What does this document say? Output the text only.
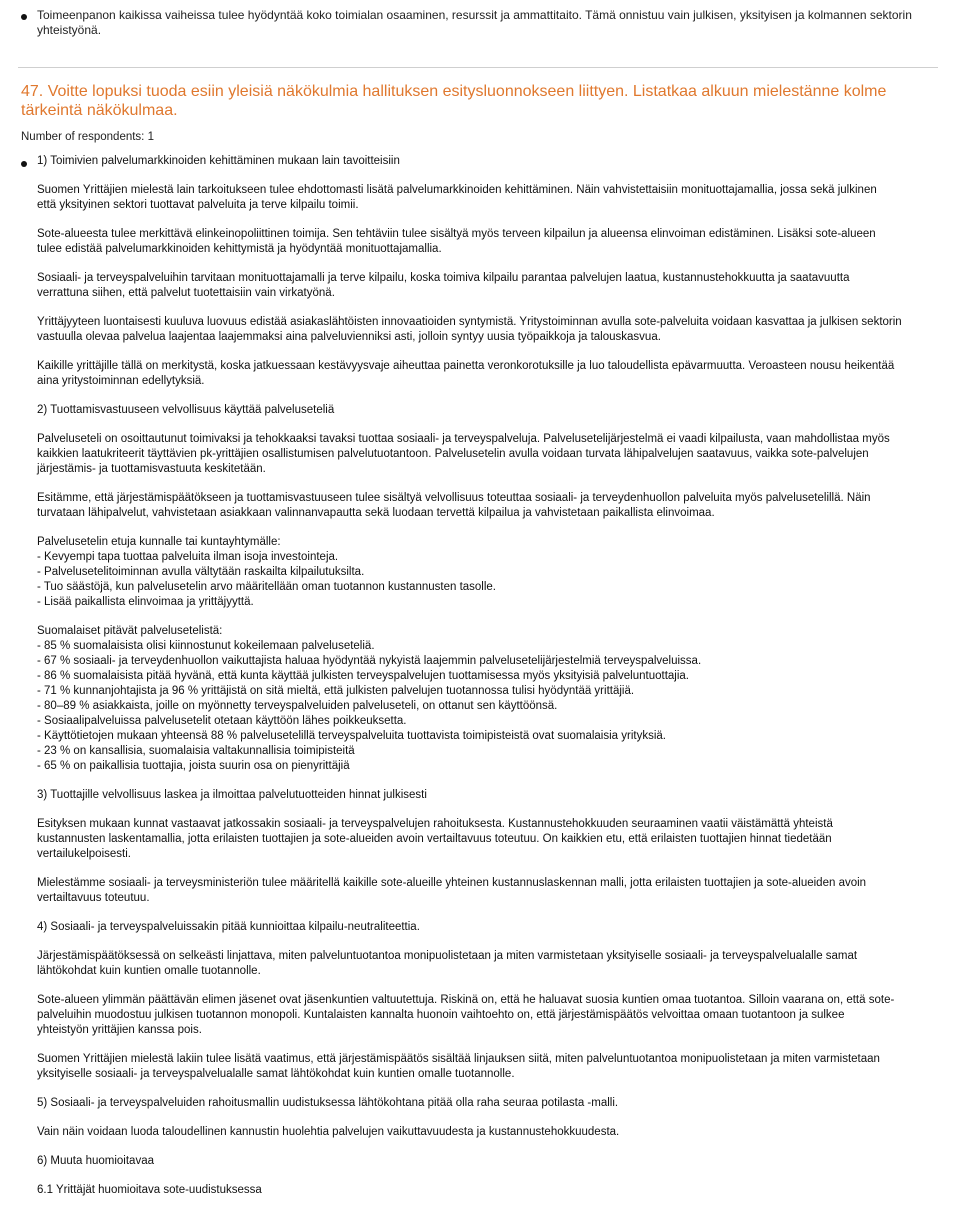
Toimeenpanon kaikissa vaiheissa tulee hyödyntää koko toimialan osaaminen, resurssit ja ammattitaito. Tämä onnistuu vain julkisen, yksityisen ja kolmannen sektorin yhteistyönä.
47. Voitte lopuksi tuoda esiin yleisiä näkökulmia hallituksen esitysluonnokseen liittyen. Listatkaa alkuun mielestänne kolme tärkeintä näkökulmaa.
Number of respondents: 1

1) Toimivien palvelumarkkinoiden kehittäminen mukaan lain tavoitteisiin

Suomen Yrittäjien mielestä lain tarkoitukseen tulee ehdottomasti lisätä palvelumarkkinoiden kehittäminen. Näin vahvistettaisiin monituottajamallia, jossa sekä julkinen
että yksityinen sektori tuottavat palveluita ja terve kilpailu toimii.

Sote-alueesta tulee merkittävä elinkeinopoliittinen toimija. Sen tehtäviin tulee sisältyä myös terveen kilpailun ja alueensa elinvoiman edistäminen. Lisäksi sote-alueen
tulee edistää palvelumarkkinoiden kehittymistä ja hyödyntää monituottajamallia.

Sosiaali- ja terveyspalveluihin tarvitaan monituottajamalli ja terve kilpailu, koska toimiva kilpailu parantaa palvelujen laatua, kustannustehokkuutta ja saatavuutta
verrattuna siihen, että palvelut tuotettaisiin vain virkatyönä.

Yrittäjyyteen luontaisesti kuuluva luovuus edistää asiakaslähtöisten innovaatioiden syntymistä. Yritystoiminnan avulla sote-palveluita voidaan kasvattaa ja julkisen sektorin
vastuulla olevaa palvelua laajentaa laajemmaksi aina palveluvienniksi asti, jolloin syntyy uusia työpaikkoja ja talouskasvua.

Kaikille yrittäjille tällä on merkitystä, koska jatkuessaan kestävyysvaje aiheuttaa painetta veronkorotuksille ja luo taloudellista epävarmuutta. Veroasteen nousu heikentää
aina yritystoiminnan edellytyksiä.

2) Tuottamisvastuuseen velvollisuus käyttää palveluseteliä

Palveluseteli on osoittautunut toimivaksi ja tehokkaaksi tavaksi tuottaa sosiaali- ja terveyspalveluja. Palvelusetelijärjestelmä ei vaadi kilpailusta, vaan mahdollistaa myös
kaikkien laatukriteerit täyttävien pk-yrittäjien osallistumisen palvelutuotantoon. Palvelusetelin avulla voidaan turvata lähipalvelujen saatavuus, vaikka sote-palvelujen
järjestämis- ja tuottamisvastuuta keskitetään.

Esitämme, että järjestämispäätökseen ja tuottamisvastuuseen tulee sisältyä velvollisuus toteuttaa sosiaali- ja terveydenhuollon palveluita myös palvelusetelillä. Näin
turvataan lähipalvelut, vahvistetaan asiakkaan valinnanvapautta sekä luodaan tervettä kilpailua ja vahvistetaan paikallista elinvoimaa.

Palvelusetelin etuja kunnalle tai kuntayhtymälle:
- Kevyempi tapa tuottaa palveluita ilman isoja investointeja.
- Palvelusetelitoiminnan avulla vältytään raskailta kilpailutuksilta.
- Tuo säästöjä, kun palvelusetelin arvo määritellään oman tuotannon kustannusten tasolle.
- Lisää paikallista elinvoimaa ja yrittäjyyttä.

Suomalaiset pitävät palvelusetelistä:
- 85 % suomalaisista olisi kiinnostunut kokeilemaan palveluseteliä.
- 67 % sosiaali- ja terveydenhuollon vaikuttajista haluaa hyödyntää nykyistä laajemmin palvelusetelijärjestelmiä terveyspalveluissa.
- 86 % suomalaisista pitää hyvänä, että kunta käyttää julkisten terveyspalvelujen tuottamisessa myös yksityisiä palveluntuottajia.
- 71 % kunnanjohtajista ja 96 % yrittäjistä on sitä mieltä, että julkisten palvelujen tuotannossa tulisi hyödyntää yrittäjiä.
- 80–89 % asiakkaista, joille on myönnetty terveyspalveluiden palveluseteli, on ottanut sen käyttöönsä.
- Sosiaalipalveluissa palvelusetelit otetaan käyttöön lähes poikkeuksetta.
- Käyttötietojen mukaan yhteensä 88 % palvelusetelillä terveyspalveluita tuottavista toimipisteistä ovat suomalaisia yrityksiä.
- 23 % on kansallisia, suomalaisia valtakunnallisia toimipisteitä
- 65 % on paikallisia tuottajia, joista suurin osa on pienyrittäjiä

3) Tuottajille velvollisuus laskea ja ilmoittaa palvelutuotteiden hinnat julkisesti

Esityksen mukaan kunnat vastaavat jatkossakin sosiaali- ja terveyspalvelujen rahoituksesta. Kustannustehokkuuden seuraaminen vaatii väistämättä yhteistä
kustannusten laskentamallia, jotta erilaisten tuottajien ja sote-alueiden avoin vertailtavuus toteutuu. On kaikkien etu, että erilaisten tuottajien hinnat tiedetään
vertailukelpoisesti.

Mielestämme sosiaali- ja terveysministeriön tulee määritellä kaikille sote-alueille yhteinen kustannuslaskennan malli, jotta erilaisten tuottajien ja sote-alueiden avoin
vertailtavuus toteutuu.

4) Sosiaali- ja terveyspalveluissakin pitää kunnioittaa kilpailu-neutraliteettia.

Järjestämispäätöksessä on selkeästi linjattava, miten palveluntuotantoa monipuolistetaan ja miten varmistetaan yksityiselle sosiaali- ja terveyspalvelualalle samat
lähtökohdat kuin kuntien omalle tuotannolle.

Sote-alueen ylimmän päättävän elimen jäsenet ovat jäsenkuntien valtuutettuja. Riskinä on, että he haluavat suosia kuntien omaa tuotantoa. Silloin vaarana on, että sote-
palveluihin muodostuu julkisen tuotannon monopoli. Kuntalaisten kannalta huonoin vaihtoehto on, että järjestämispäätös velvoittaa omaan tuotantoon ja sulkee
yhteistyön yrittäjien kanssa pois.

Suomen Yrittäjien mielestä lakiin tulee lisätä vaatimus, että järjestämispäätös sisältää linjauksen siitä, miten palveluntuotantoa monipuolistetaan ja miten varmistetaan
yksityiselle sosiaali- ja terveyspalvelualalle samat lähtökohdat kuin kuntien omalle tuotannolle.

5) Sosiaali- ja terveyspalveluiden rahoitusmallin uudistuksessa lähtökohtana pitää olla raha seuraa potilasta -malli.

Vain näin voidaan luoda taloudellinen kannustin huolehtia palvelujen vaikuttavuudesta ja kustannustehokkuudesta.

6) Muuta huomioitavaa

6.1 Yrittäjät huomioitava sote-uudistuksessa
